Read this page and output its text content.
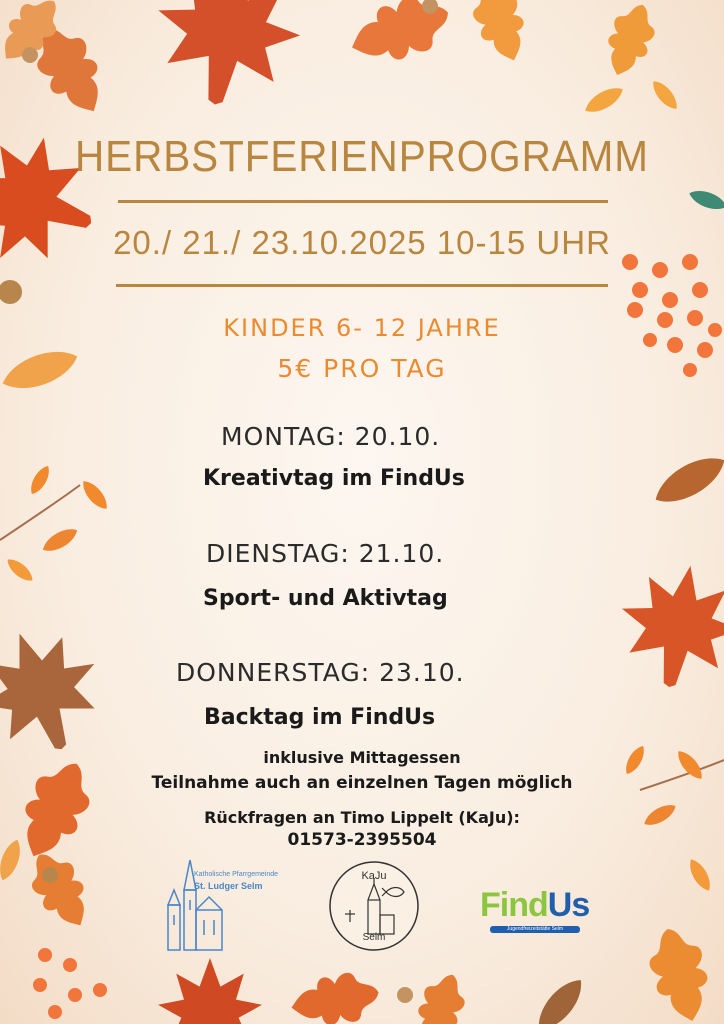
HERBSTFERIENPROGRAMM
20./ 21./ 23.10.2025 10-15 UHR
KINDER 6- 12 JAHRE
5€ PRO TAG
MONTAG: 20.10.
Kreativtag im FindUs
DIENSTAG: 21.10.
Sport- und Aktivtag
DONNERSTAG: 23.10.
Backtag im FindUs
inklusive Mittagessen
Teilnahme auch an einzelnen Tagen möglich
Rückfragen an Timo Lippelt (KaJu):
01573-2395504
Katholische Pfarrgemeinde
St. Ludger Selm
KaJu
Selm
FindUs
Jugendfreizeitstätte Selm
